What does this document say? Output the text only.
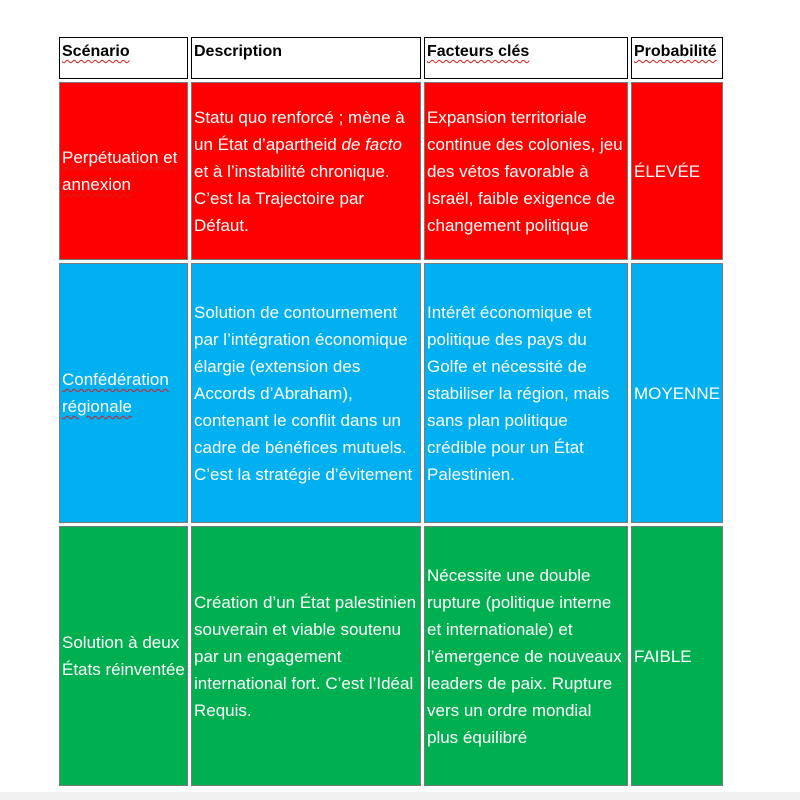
Scénario	Description	Facteurs clés	Probabilité
Perpétuation et annexion	Statu quo renforcé ; mène à un État d’apartheid de facto et à l’instabilité chronique. C’est la Trajectoire par Défaut.	Expansion territoriale continue des colonies, jeu des vétos favorable à Israël, faible exigence de changement politique	ÉLEVÉE
Confédération régionale	Solution de contournement par l’intégration économique élargie (extension des Accords d’Abraham), contenant le conflit dans un cadre de bénéfices mutuels. C’est la stratégie d’évitement	Intérêt économique et politique des pays du Golfe et nécessité de stabiliser la région, mais sans plan politique crédible pour un État Palestinien.	MOYENNE
Solution à deux États réinventée	Création d’un État palestinien souverain et viable soutenu par un engagement international fort. C’est l’Idéal Requis.	Nécessite une double rupture (politique interne et internationale) et l’émergence de nouveaux leaders de paix. Rupture vers un ordre mondial plus équilibré	FAIBLE
